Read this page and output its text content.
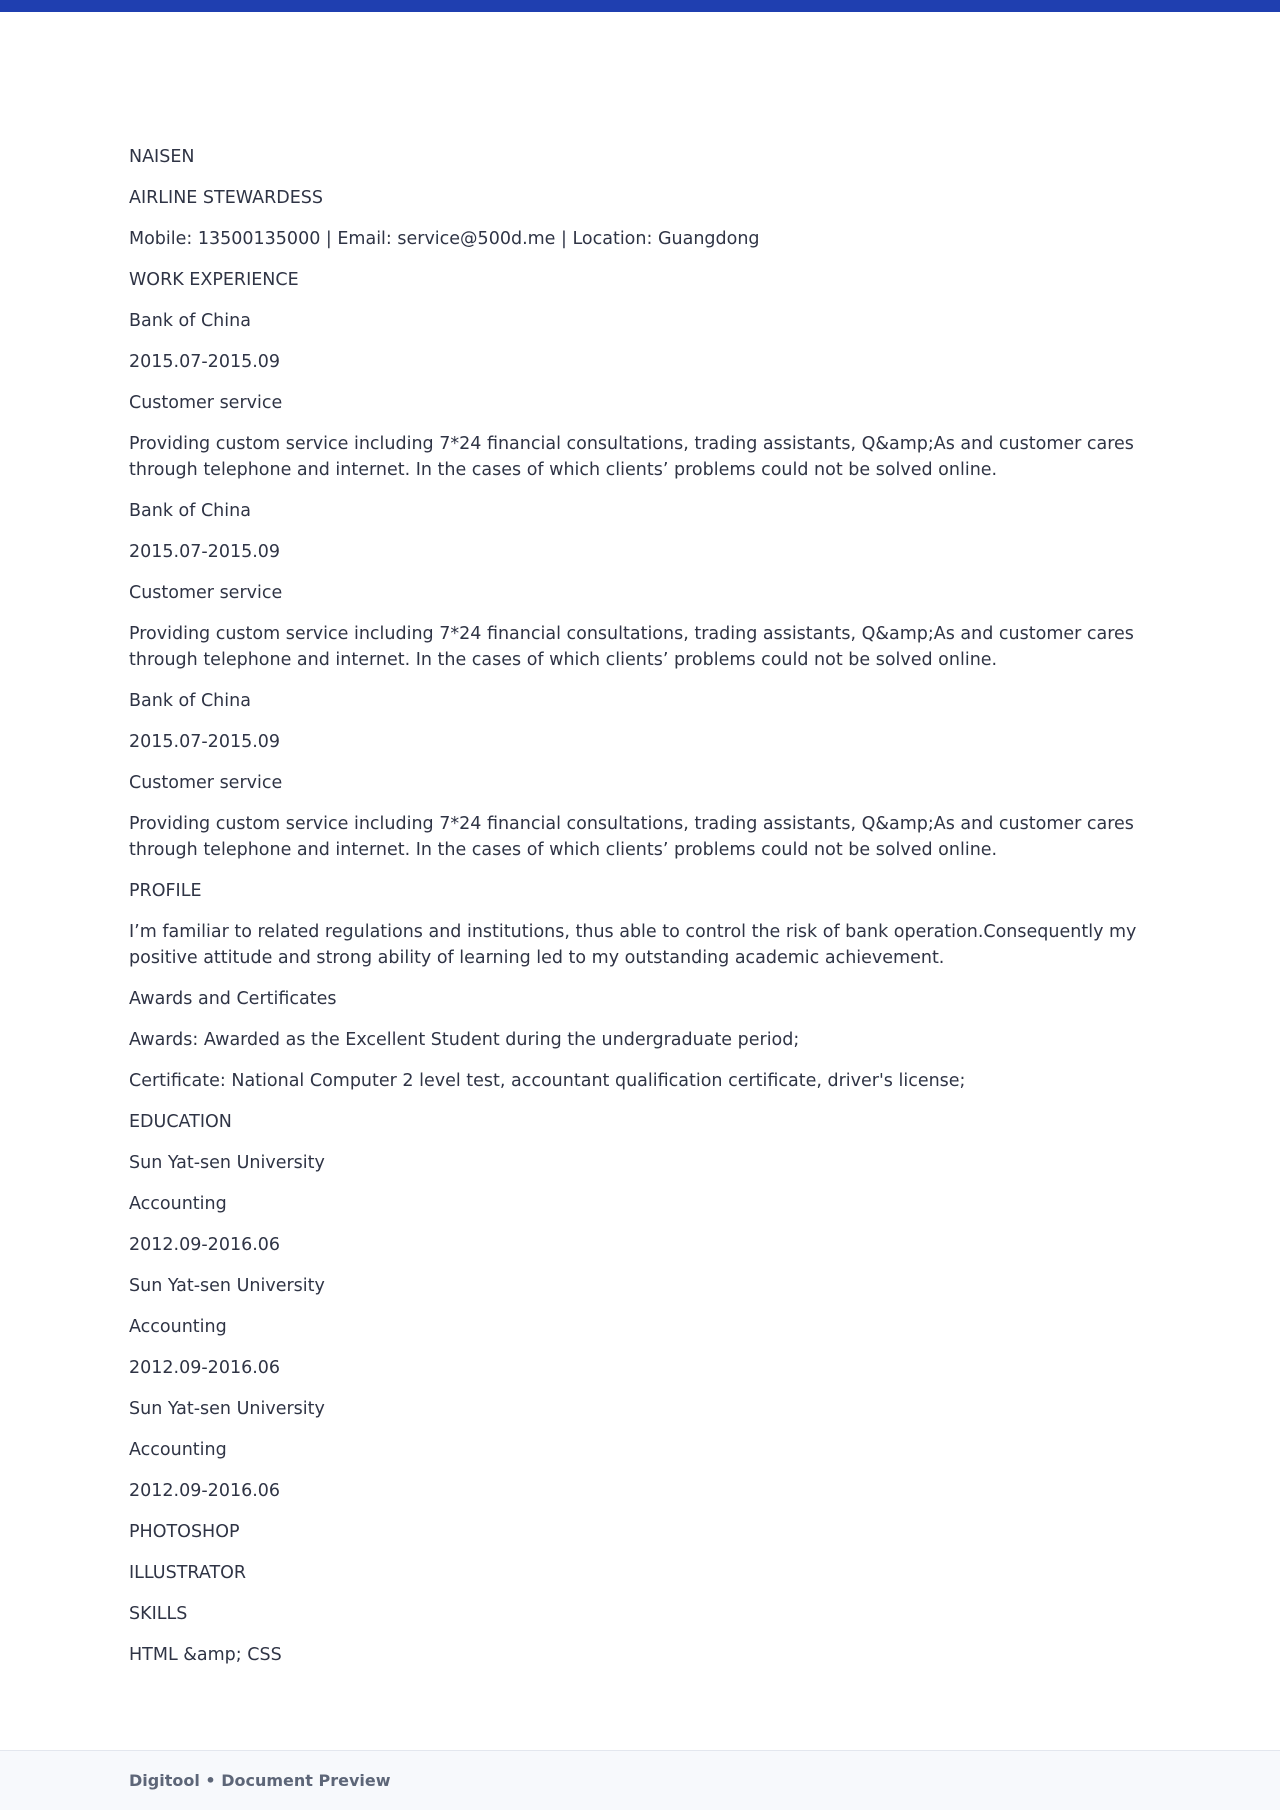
NAISEN
AIRLINE STEWARDESS
Mobile: 13500135000 | Email: service@500d.me | Location: Guangdong
WORK EXPERIENCE
Bank of China
2015.07-2015.09
Customer service
Providing custom service including 7*24 financial consultations, trading assistants, Q&amp;As and customer cares through telephone and internet. In the cases of which clients’ problems could not be solved online.
Bank of China
2015.07-2015.09
Customer service
Providing custom service including 7*24 financial consultations, trading assistants, Q&amp;As and customer cares through telephone and internet. In the cases of which clients’ problems could not be solved online.
Bank of China
2015.07-2015.09
Customer service
Providing custom service including 7*24 financial consultations, trading assistants, Q&amp;As and customer cares through telephone and internet. In the cases of which clients’ problems could not be solved online.
PROFILE
I’m familiar to related regulations and institutions, thus able to control the risk of bank operation.Consequently my positive attitude and strong ability of learning led to my outstanding academic achievement.
Awards and Certificates
Awards: Awarded as the Excellent Student during the undergraduate period;
Certificate: National Computer 2 level test, accountant qualification certificate, driver's license;
EDUCATION
Sun Yat-sen University
Accounting
2012.09-2016.06
Sun Yat-sen University
Accounting
2012.09-2016.06
Sun Yat-sen University
Accounting
2012.09-2016.06
PHOTOSHOP
ILLUSTRATOR
SKILLS
HTML &amp; CSS
Digitool • Document Preview
